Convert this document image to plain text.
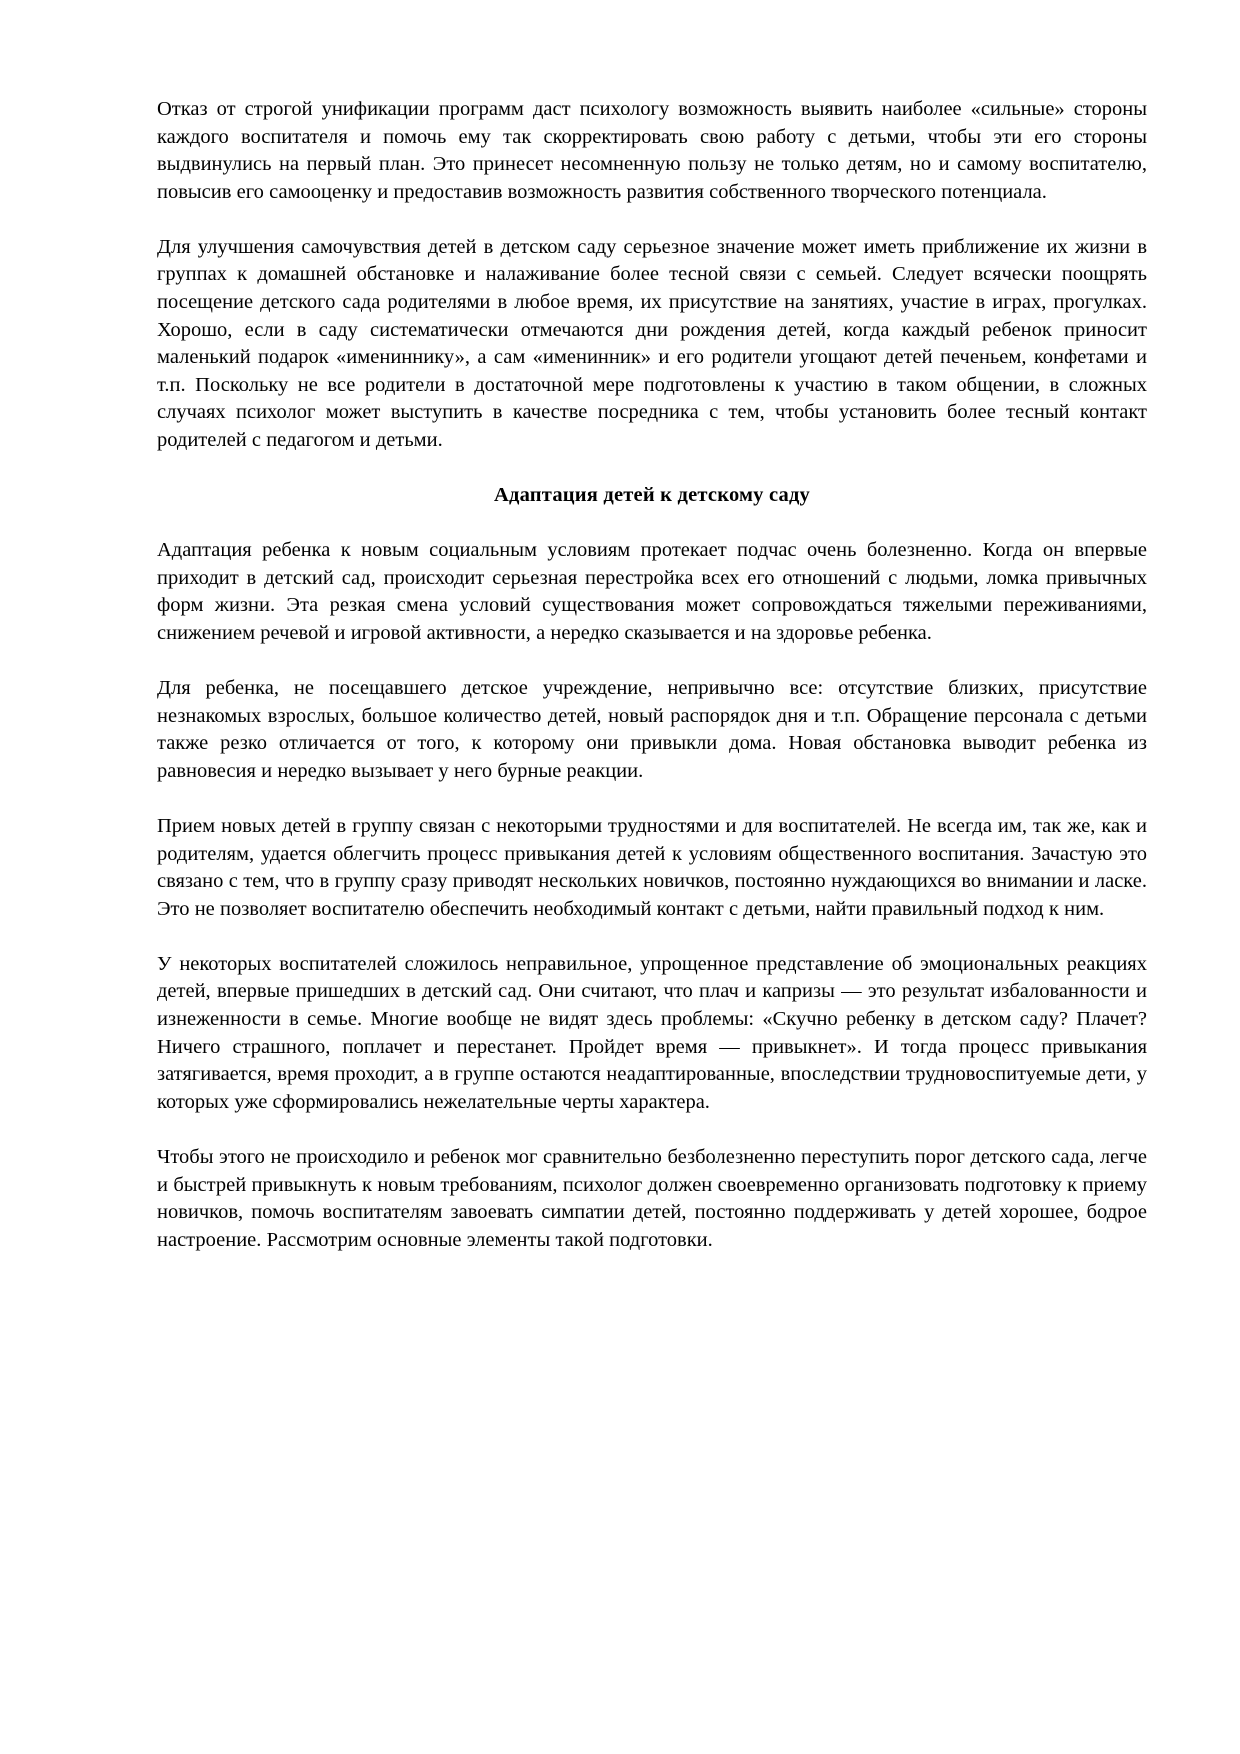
Отказ от строгой унификации программ даст психологу возможность выявить наиболее «сильные» стороны каждого воспитателя и помочь ему так скорректировать свою работу с детьми, чтобы эти его стороны выдвинулись на первый план. Это принесет несомненную пользу не только детям, но и самому воспитателю, повысив его самооценку и предоставив возможность развития собственного творческого потенциала.

Для улучшения самочувствия детей в детском саду серьезное значение может иметь приближение их жизни в группах к домашней обстановке и налаживание более тесной связи с семьей. Следует всячески поощрять посещение детского сада родителями в любое время, их присутствие на занятиях, участие в играх, прогулках. Хорошо, если в саду систематически отмечаются дни рождения детей, когда каждый ребенок приносит маленький подарок «имениннику», а сам «именинник» и его родители угощают детей печеньем, конфетами и т.п. Поскольку не все родители в достаточной мере подготовлены к участию в таком общении, в сложных случаях психолог может выступить в качестве посредника с тем, чтобы установить более тесный контакт родителей с педагогом и детьми.

Адаптация детей к детскому саду

Адаптация ребенка к новым социальным условиям протекает подчас очень болезненно. Когда он впервые приходит в детский сад, происходит серьезная перестройка всех его отношений с людьми, ломка привычных форм жизни. Эта резкая смена условий существования может сопровождаться тяжелыми переживаниями, снижением речевой и игровой активности, а нередко сказывается и на здоровье ребенка.

Для ребенка, не посещавшего детское учреждение, непривычно все: отсутствие близких, присутствие незнакомых взрослых, большое количество детей, новый распорядок дня и т.п. Обращение персонала с детьми также резко отличается от того, к которому они привыкли дома. Новая обстановка выводит ребенка из равновесия и нередко вызывает у него бурные реакции.

Прием новых детей в группу связан с некоторыми трудностями и для воспитателей. Не всегда им, так же, как и родителям, удается облегчить процесс привыкания детей к условиям общественного воспитания. Зачастую это связано с тем, что в группу сразу приводят нескольких новичков, постоянно нуждающихся во внимании и ласке. Это не позволяет воспитателю обеспечить необходимый контакт с детьми, найти правильный подход к ним.

У некоторых воспитателей сложилось неправильное, упрощенное представление об эмоциональных реакциях детей, впервые пришедших в детский сад. Они считают, что плач и капризы — это результат избалованности и изнеженности в семье. Многие вообще не видят здесь проблемы: «Скучно ребенку в детском саду? Плачет? Ничего страшного, поплачет и перестанет. Пройдет время — привыкнет». И тогда процесс привыкания затягивается, время проходит, а в группе остаются неадаптированные, впоследствии трудновоспитуемые дети, у которых уже сформировались нежелательные черты характера.

Чтобы этого не происходило и ребенок мог сравнительно безболезненно переступить порог детского сада, легче и быстрей привыкнуть к новым требованиям, психолог должен своевременно организовать подготовку к приему новичков, помочь воспитателям завоевать симпатии детей, постоянно поддерживать у детей хорошее, бодрое настроение. Рассмотрим основные элементы такой подготовки.
